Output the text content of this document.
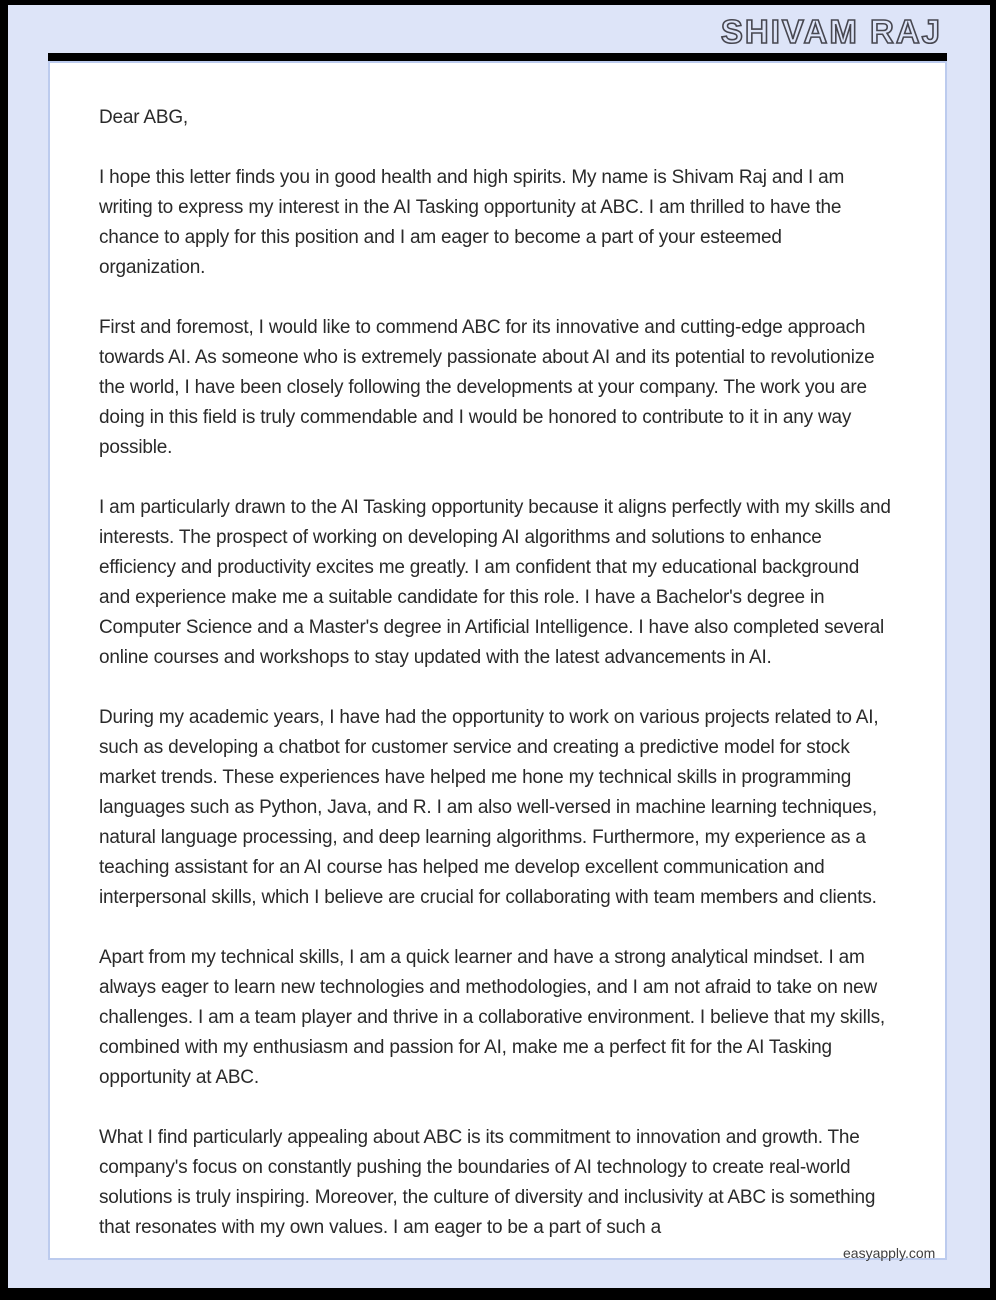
SHIVAM RAJ

Dear ABG,

I hope this letter finds you in good health and high spirits. My name is Shivam Raj and I am writing to express my interest in the AI Tasking opportunity at ABC. I am thrilled to have the chance to apply for this position and I am eager to become a part of your esteemed organization.

First and foremost, I would like to commend ABC for its innovative and cutting-edge approach towards AI. As someone who is extremely passionate about AI and its potential to revolutionize the world, I have been closely following the developments at your company. The work you are doing in this field is truly commendable and I would be honored to contribute to it in any way possible.

I am particularly drawn to the AI Tasking opportunity because it aligns perfectly with my skills and interests. The prospect of working on developing AI algorithms and solutions to enhance efficiency and productivity excites me greatly. I am confident that my educational background and experience make me a suitable candidate for this role. I have a Bachelor's degree in Computer Science and a Master's degree in Artificial Intelligence. I have also completed several online courses and workshops to stay updated with the latest advancements in AI.

During my academic years, I have had the opportunity to work on various projects related to AI, such as developing a chatbot for customer service and creating a predictive model for stock market trends. These experiences have helped me hone my technical skills in programming languages such as Python, Java, and R. I am also well-versed in machine learning techniques, natural language processing, and deep learning algorithms. Furthermore, my experience as a teaching assistant for an AI course has helped me develop excellent communication and interpersonal skills, which I believe are crucial for collaborating with team members and clients.

Apart from my technical skills, I am a quick learner and have a strong analytical mindset. I am always eager to learn new technologies and methodologies, and I am not afraid to take on new challenges. I am a team player and thrive in a collaborative environment. I believe that my skills, combined with my enthusiasm and passion for AI, make me a perfect fit for the AI Tasking opportunity at ABC.

What I find particularly appealing about ABC is its commitment to innovation and growth. The company's focus on constantly pushing the boundaries of AI technology to create real-world solutions is truly inspiring. Moreover, the culture of diversity and inclusivity at ABC is something that resonates with my own values. I am eager to be a part of such a

easyapply.com
